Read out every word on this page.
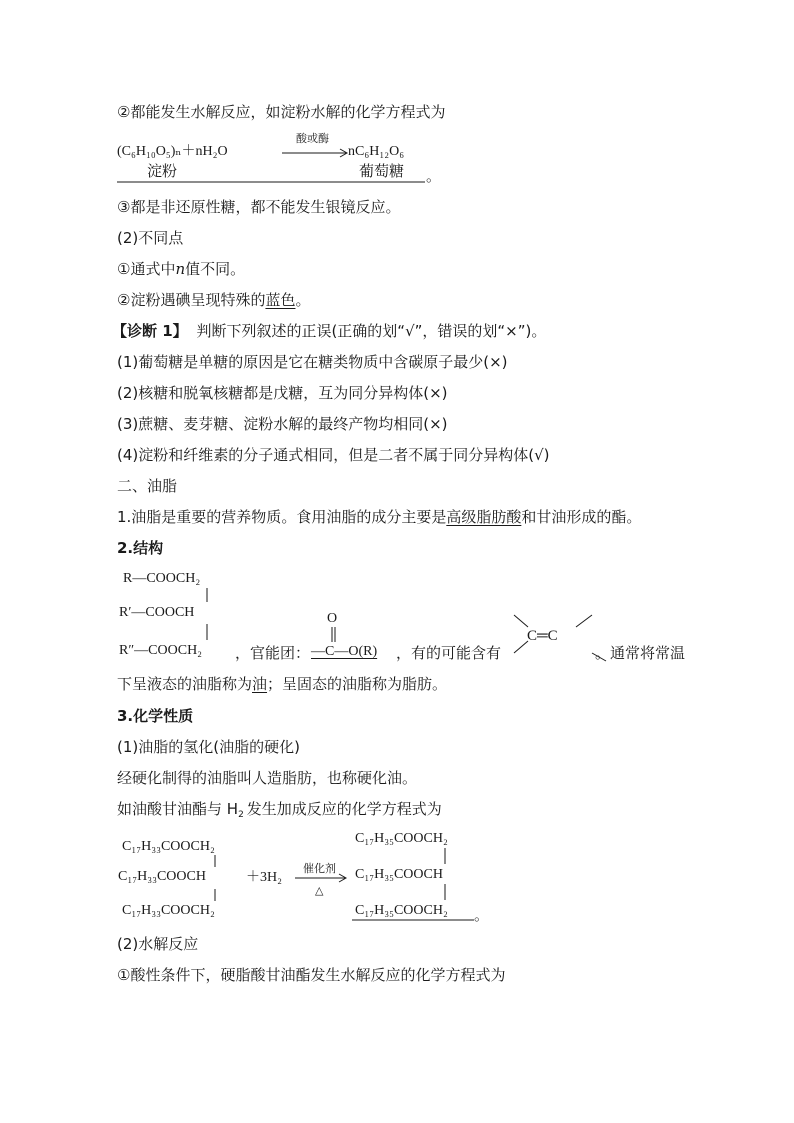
②都能发生水解反应，如淀粉水解的化学方程式为
(C₆H₁₀O₅)ₙ＋nH₂O
酸或酶
nC₆H₁₂O₆
淀粉	葡萄糖 。
③都是非还原性糖，都不能发生银镜反应。
(2)不同点
①通式中n值不同。
②淀粉遇碘呈现特殊的蓝色。
【诊断 1】 判断下列叙述的正误(正确的划“√”，错误的划“×”)。
(1)葡萄糖是单糖的原因是它在糖类物质中含碳原子最少(×)
(2)核糖和脱氧核糖都是戊糖，互为同分异构体(×)
(3)蔗糖、麦芽糖、淀粉水解的最终产物均相同(×)
(4)淀粉和纤维素的分子通式相同，但是二者不属于同分异构体(√)
二、油脂
1.油脂是重要的营养物质。食用油脂的成分主要是高级脂肪酸和甘油形成的酯。
2.结构
R—COOCH₂
R′—COOCH
R″—COOCH₂ ，官能团：
O
—C—O(R) ，有的可能含有
C═C
。通常将常温
下呈液态的油脂称为油；呈固态的油脂称为脂肪。
3.化学性质
(1)油脂的氢化(油脂的硬化)
经硬化制得的油脂叫人造脂肪，也称硬化油。
如油酸甘油酯与 $H_2$ 发生加成反应的化学方程式为
C₁₇H₃₃COOCH₂
C₁₇H₃₃COOCH
C₁₇H₃₃COOCH₂
＋3H₂
催化剂
△
C₁₇H₃₅COOCH₂
C₁₇H₃₅COOCH
C₁₇H₃₅COOCH₂ 。
(2)水解反应
①酸性条件下，硬脂酸甘油酯发生水解反应的化学方程式为
